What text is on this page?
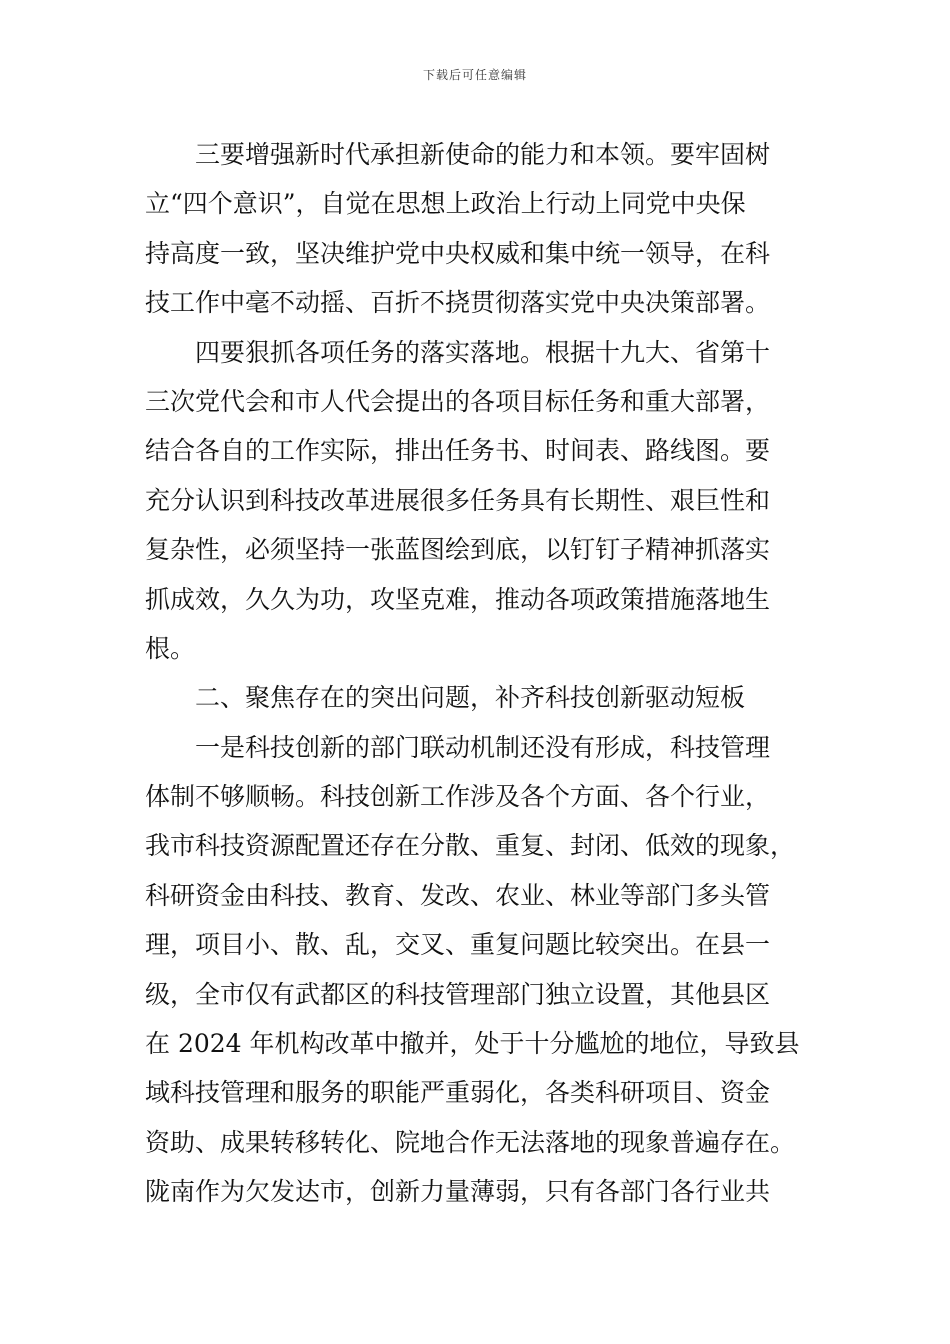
下载后可任意编辑
三要增强新时代承担新使命的能力和本领。要牢固树
立“四个意识”，自觉在思想上政治上行动上同党中央保
持高度一致，坚决维护党中央权威和集中统一领导，在科
技工作中毫不动摇、百折不挠贯彻落实党中央决策部署。
四要狠抓各项任务的落实落地。根据十九大、省第十
三次党代会和市人代会提出的各项目标任务和重大部署，
结合各自的工作实际，排出任务书、时间表、路线图。要
充分认识到科技改革进展很多任务具有长期性、艰巨性和
复杂性，必须坚持一张蓝图绘到底，以钉钉子精神抓落实
抓成效，久久为功，攻坚克难，推动各项政策措施落地生
根。
二、聚焦存在的突出问题，补齐科技创新驱动短板
一是科技创新的部门联动机制还没有形成，科技管理
体制不够顺畅。科技创新工作涉及各个方面、各个行业，
我市科技资源配置还存在分散、重复、封闭、低效的现象，
科研资金由科技、教育、发改、农业、林业等部门多头管
理，项目小、散、乱，交叉、重复问题比较突出。在县一
级，全市仅有武都区的科技管理部门独立设置，其他县区
在 2024 年机构改革中撤并，处于十分尴尬的地位，导致县
域科技管理和服务的职能严重弱化，各类科研项目、资金
资助、成果转移转化、院地合作无法落地的现象普遍存在。
陇南作为欠发达市，创新力量薄弱，只有各部门各行业共
